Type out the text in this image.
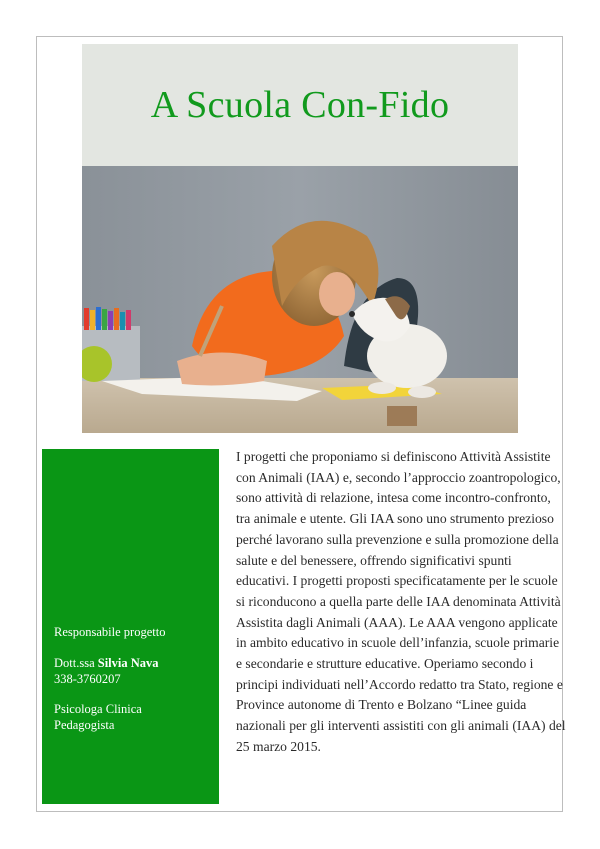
A Scuola Con-Fido
Responsabile progetto
Dott.ssa Silvia Nava
338-3760207
Psicologa Clinica
Pedagogista

I progetti che proponiamo si definiscono Attività Assistite con Animali (IAA) e, secondo l’approccio zoantropologico, sono attività di relazione, intesa come incontro-confronto, tra animale e utente. Gli IAA sono uno strumento prezioso perché lavorano sulla prevenzione e sulla promozione della salute e del benessere, offrendo significativi spunti educativi. I progetti proposti specificatamente per le scuole si riconducono a quella parte delle IAA denominata Attività Assistita dagli Animali (AAA). Le AAA vengono applicate in ambito educativo in scuole dell’infanzia, scuole primarie e secondarie e strutture educative. Operiamo secondo i principi individuati nell’Accordo redatto tra Stato, regione e Province autonome di Trento e Bolzano “Linee guida nazionali per gli interventi assistiti con gli animali (IAA) del 25 marzo 2015.
